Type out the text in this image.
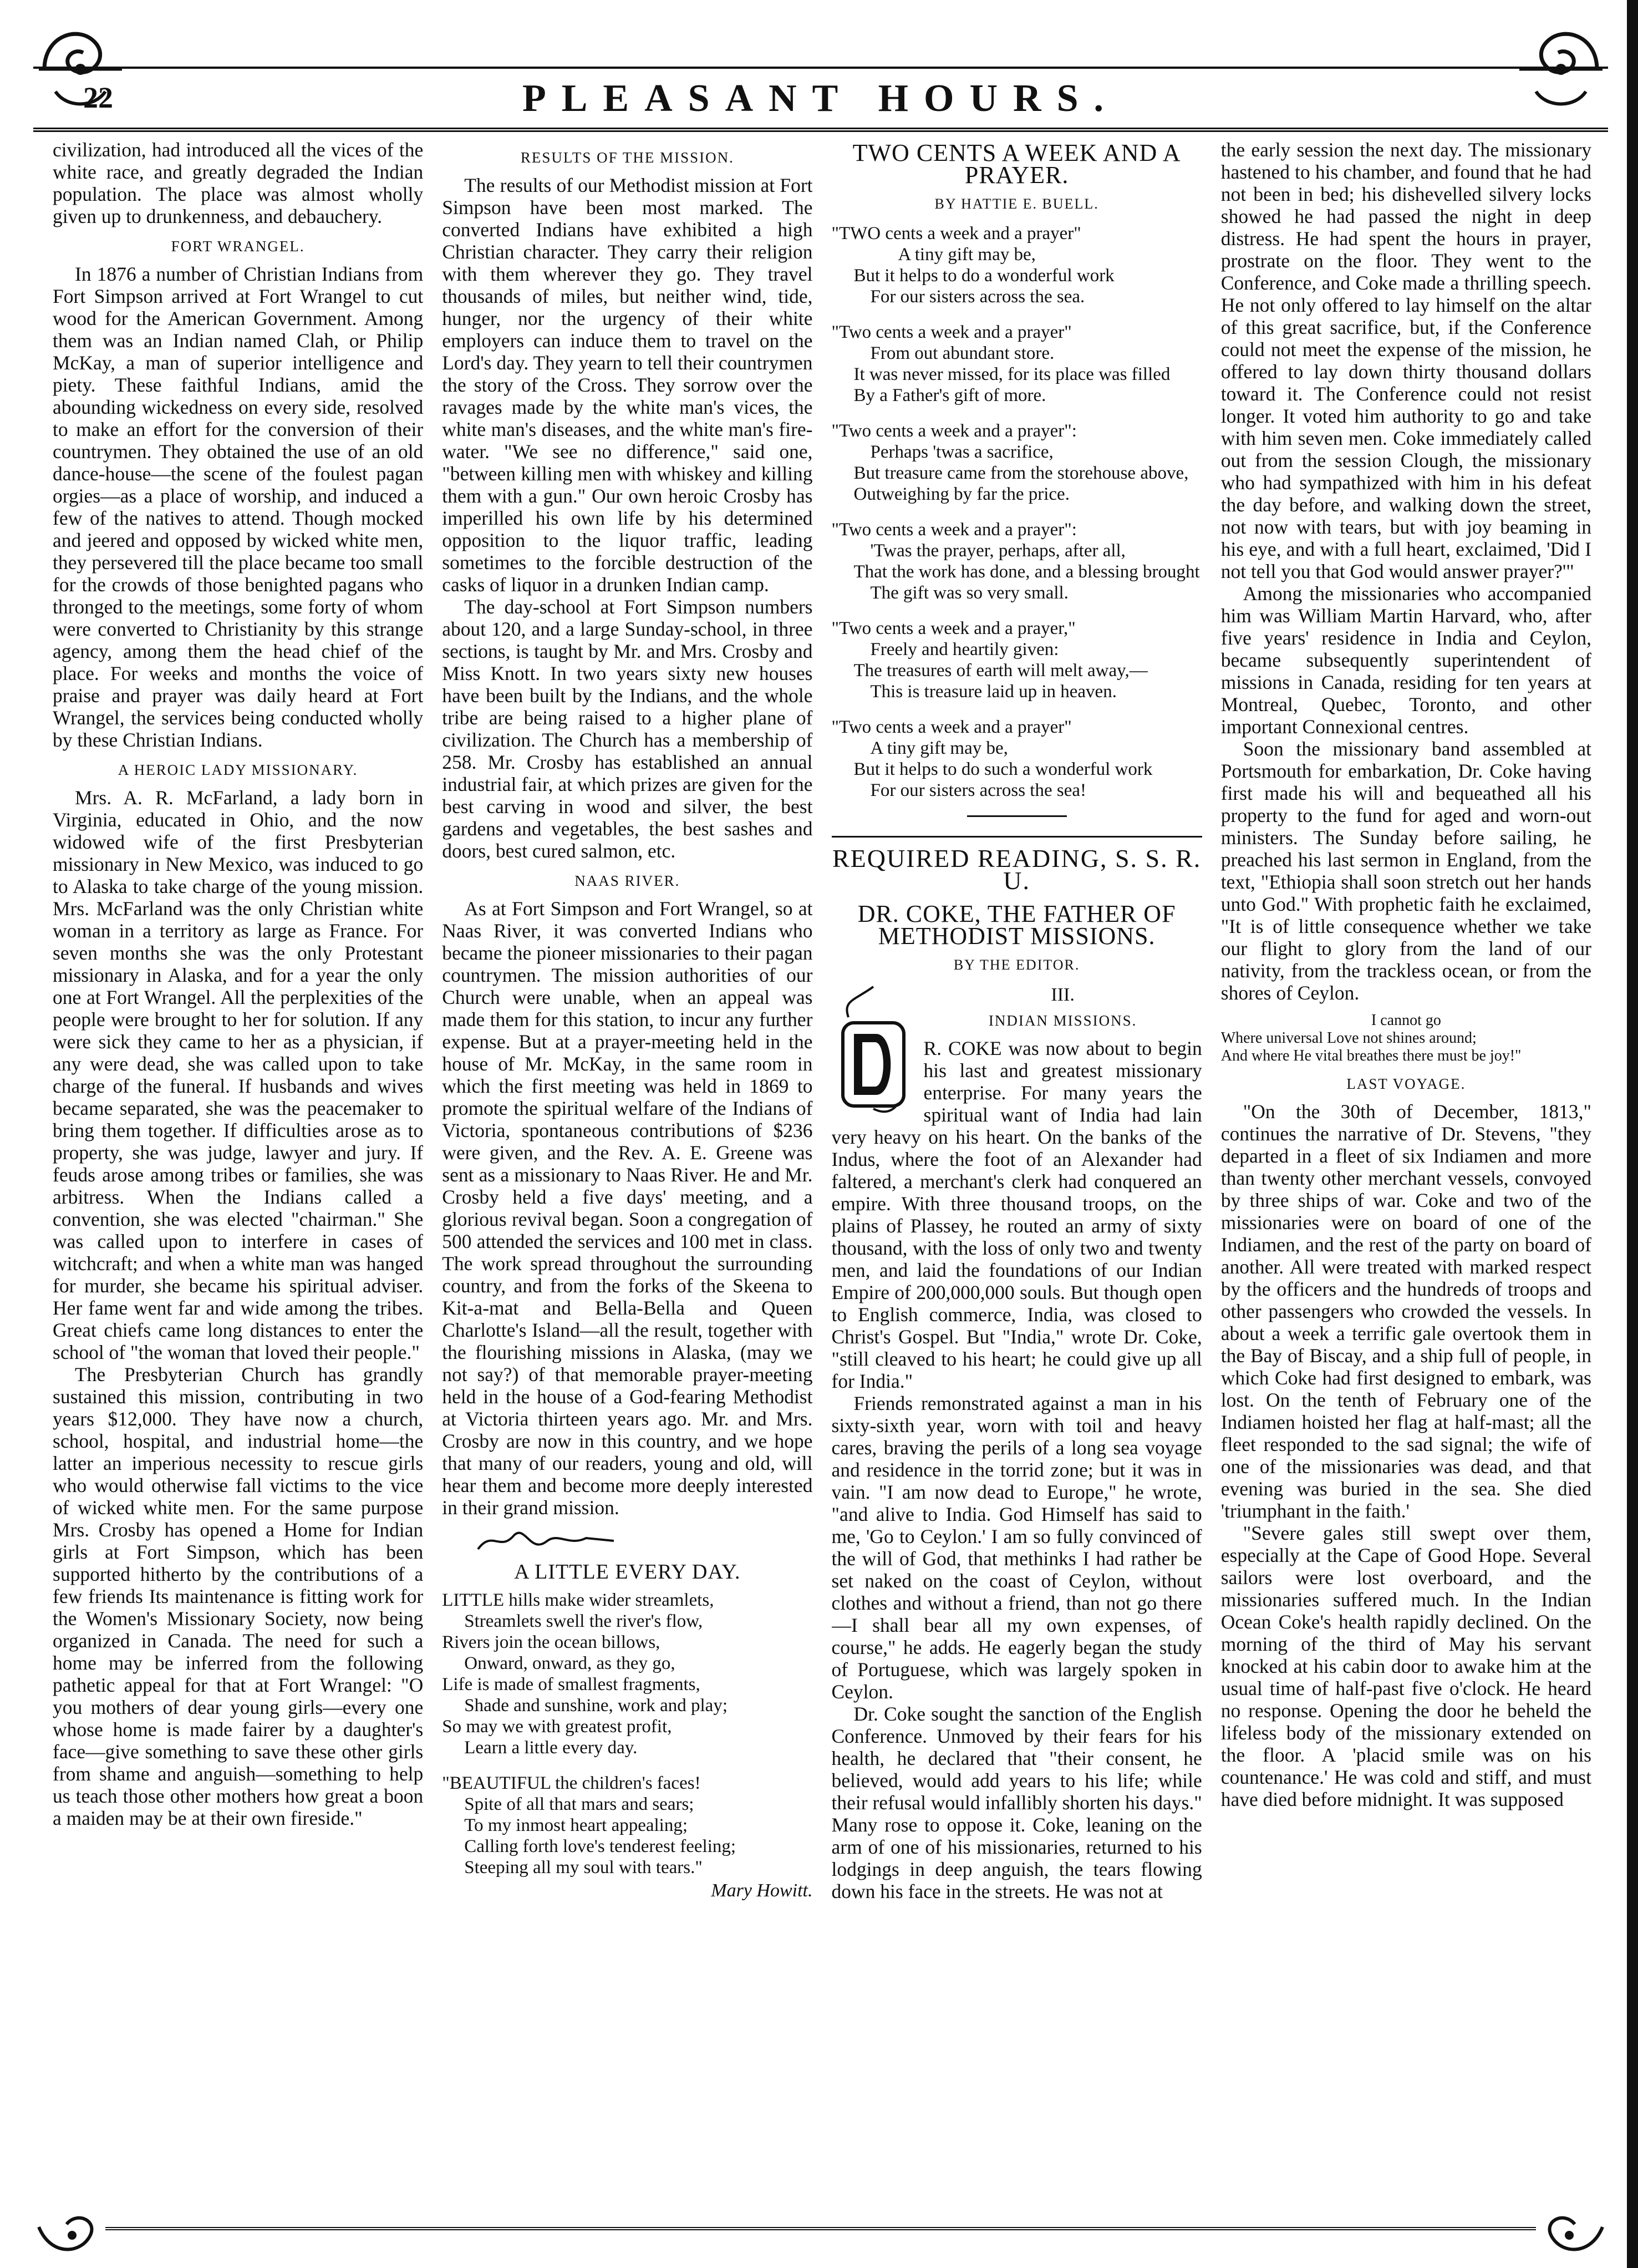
22	PLEASANT HOURS.

civilizati⁠on, had introduced all the vices of the white race, and greatly degraded the Indian population. The place was almost wholly given up to drunkenness, and debauchery.

FORT WRANGEL.

In 1876 a number of Christian Indians from Fort Simpson arrived at Fort Wrangel to cut wood for the American Government. Among them was an Indian named Clah, or Philip McKay, a man of superior intelligence and piety. These faithful Indians, amid the abounding wickedness on every side, resolved to make an effort for the conversion of their countrymen. They obtained the use of an old dance-house—the scene of the foulest pagan orgies—as a place of worship, and induced a few of the natives to attend. Though mocked and jeered and opposed by wicked white men, they persevered till the place became too small for the crowds of those benighted pagans who thronged to the meetings, some forty of whom were converted to Christianity by this strange agency, among them the head chief of the place. For weeks and months the voice of praise and prayer was daily heard at Fort Wrangel, the services being conducted wholly by these Christian Indians.

A HEROIC LADY MISSIONARY.

Mrs. A. R. McFarland, a lady born in Virginia, educated in Ohio, and the now widowed wife of the first Presbyterian missionary in New Mexico, was induced to go to Alaska to take charge of the young mission. Mrs. McFarland was the only Christian white woman in a territory as large as France. For seven months she was the only Protestant missionary in Alaska, and for a year the only one at Fort Wrangel. All the perplexities of the people were brought to her for solution. If any were sick they came to her as a physician, if any were dead, she was called upon to take charge of the funeral. If husbands and wives became separated, she was the peacemaker to bring them together. If difficulties arose as to property, she was judge, lawyer and jury. If feuds arose among tribes or families, she was arbitress. When the Indians called a convention, she was elected "chairman." She was called upon to interfere in cases of witchcraft; and when a white man was hanged for murder, she became his spiritual adviser. Her fame went far and wide among the tribes. Great chiefs came long distances to enter the school of "the woman that loved their people."

The Presbyterian Church has grandly sustained this mission, contributing in two years $12,000. They have now a church, school, hospital, and industrial home—the latter an imperious necessity to rescue girls who would otherwise fall victims to the vice of wicked white men. For the same purpose Mrs. Crosby has opened a Home for Indian girls at Fort Simpson, which has been supported hitherto by the contributions of a few friends Its maintenance is fitting work for the Women's Missionary Society, now being organized in Canada. The need for such a home may be inferred from the following pathetic appeal for that at Fort Wrangel: "O you mothers of dear young girls—every one whose home is made fairer by a daughter's face—give something to save these other girls from shame and anguish—something to help us teach those other mothers how great a boon a maiden may be at their own fireside."

RESULTS OF THE MISSION.

The results of our Methodist mission at Fort Simpson have been most marked. The converted Indians have exhibited a high Christian character. They carry their religion with them wherever they go. They travel thousands of miles, but neither wind, tide, hunger, nor the urgency of their white employers can induce them to travel on the Lord's day. They yearn to tell their countrymen the story of the Cross. They sorrow over the ravages made by the white man's vices, the white man's diseases, and the white man's fire-water. "We see no difference," said one, "between killing men with whiskey and killing them with a gun." Our own heroic Crosby has imperilled his own life by his determined opposition to the liquor traffic, leading sometimes to the forcible destruction of the casks of liquor in a drunken Indian camp.

The day-school at Fort Simpson numbers about 120, and a large Sunday-school, in three sections, is taught by Mr. and Mrs. Crosby and Miss Knott. In two years sixty new houses have been built by the Indians, and the whole tribe are being raised to a higher plane of civilization. The Church has a membership of 258. Mr. Crosby has established an annual industrial fair, at which prizes are given for the best carving in wood and silver, the best gardens and vegetables, the best sashes and doors, best cured salmon, etc.

NAAS RIVER.

As at Fort Simpson and Fort Wrangel, so at Naas River, it was converted Indians who became the pioneer missionaries to their pagan countrymen. The mission authorities of our Church were unable, when an appeal was made them for this station, to incur any further expense. But at a prayer-meeting held in the house of Mr. McKay, in the same room in which the first meeting was held in 1869 to promote the spiritual welfare of the Indians of Victoria, spontaneous contributions of $236 were given, and the Rev. A. E. Greene was sent as a missionary to Naas River. He and Mr. Crosby held a five days' meeting, and a glorious revival began. Soon a congregation of 500 attended the services and 100 met in class. The work spread throughout the surrounding country, and from the forks of the Skeena to Kit-a-mat and Bella-Bella and Queen Charlotte's Island—all the result, together with the flourishing missions in Alaska, (may we not say?) of that memorable prayer-meeting held in the house of a God-fearing Methodist at Victoria thirteen years ago. Mr. and Mrs. Crosby are now in this country, and we hope that many of our readers, young and old, will hear them and become more deeply interested in their grand mission.

A LITTLE EVERY DAY.
LITTLE hills make wider streamlets,
Streamlets swell the river's flow,
Rivers join the ocean billows,
Onward, onward, as they go,
Life is made of smallest fragments,
Shade and sunshine, work and play;
So may we with greatest profit,
Learn a little every day.
"BEAUTIFUL the children's faces!
Spite of all that mars and sears;
To my inmost heart appealing;
Calling forth love's tenderest feeling;
Steeping all my soul with tears."
Mary Howitt.
TWO CENTS A WEEK AND A PRAYER.
BY HATTIE E. BUELL.
"TWO cents a week and a prayer"
A tiny gift may be,
But it helps to do a wonderful work
For our sisters across the sea.
"Two cents a week and a prayer"
From out abundant store.
It was never missed, for its place was filled
By a Father's gift of more.
"Two cents a week and a prayer":
Perhaps 'twas a sacrifice,
But treasure came from the storehouse above,
Outweighing by far the price.
"Two cents a week and a prayer":
'Twas the prayer, perhaps, after all,
That the work has done, and a blessing brought
The gift was so very small.
"Two cents a week and a prayer,"
Freely and heartily given:
The treasures of earth will melt away,—
This is treasure laid up in heaven.
"Two cents a week and a prayer"
A tiny gift may be,
But it helps to do such a wonderful work
For our sisters across the sea!
REQUIRED READING, S. S. R. U.
DR. COKE, THE FATHER OF METHODIST MISSIONS.
BY THE EDITOR.
III.
INDIAN MISSIONS.

R. COKE was now about to begin his last and greatest missionary enterprise. For many years the spiritual want of India had lain very heavy on his heart. On the banks of the Indus, where the foot of an Alexander had faltered, a merchant's clerk had conquered an empire. With three thousand troops, on the plains of Plassey, he routed an army of sixty thousand, with the loss of only two and twenty men, and laid the foundations of our Indian Empire of 200,000,000 souls. But though open to English commerce, India, was closed to Christ's Gospel. But "India," wrote Dr. Coke, "still cleaved to his heart; he could give up all for India."

Friends remonstrated against a man in his sixty-sixth year, worn with toil and heavy cares, braving the perils of a long sea voyage and residence in the torrid zone; but it was in vain. "I am now dead to Europe," he wrote, "and alive to India. God Himself has said to me, 'Go to Ceylon.' I am so fully convinced of the will of God, that methinks I had rather be set naked on the coast of Ceylon, without clothes and without a friend, than not go there—I shall bear all my own expenses, of course," he adds. He eagerly began the study of Portuguese, which was largely spoken in Ceylon.

Dr. Coke sought the sanction of the English Conference. Unmoved by their fears for his health, he declared that "their consent, he believed, would add years to his life; while their refusal would infallibly shorten his days." Many rose to oppose it. Coke, leaning on the arm of one of his missionaries, returned to his lodgings in deep anguish, the tears flowing down his face in the streets. He was not at

the early session the next day. The missionary hastened to his chamber, and found that he had not been in bed; his dishevelled silvery locks showed he had passed the night in deep distress. He had spent the hours in prayer, prostrate on the floor. They went to the Conference, and Coke made a thrilling speech. He not only offered to lay himself on the altar of this great sacrifice, but, if the Conference could not meet the expense of the mission, he offered to lay down thirty thousand dollars toward it. The Conference could not resist longer. It voted him authority to go and take with him seven men. Coke immediately called out from the session Clough, the missionary who had sympathized with him in his defeat the day before, and walking down the street, not now with tears, but with joy beaming in his eye, and with a full heart, exclaimed, 'Did I not tell you that God would answer prayer?'"

Among the missionaries who accompanied him was William Martin Harvard, who, after five years' residence in India and Ceylon, became subsequently superintendent of missions in Canada, residing for ten years at Montreal, Quebec, Toronto, and other important Connexional centres.

Soon the missionary band assembled at Portsmouth for embarkation, Dr. Coke having first made his will and bequeathed all his property to the fund for aged and worn-out ministers. The Sunday before sailing, he preached his last sermon in England, from the text, "Ethiopia shall soon stretch out her hands unto God." With prophetic faith he exclaimed, "It is of little consequence whether we take our flight to glory from the land of our nativity, from the trackless ocean, or from the shores of Ceylon.

I cannot go
Where universal Love not shines around;
And where He vital breathes there must be joy!"
LAST VOYAGE.

"On the 30th of December, 1813," continues the narrative of Dr. Stevens, "they departed in a fleet of six Indiamen and more than twenty other merchant vessels, convoyed by three ships of war. Coke and two of the missionaries were on board of one of the Indiamen, and the rest of the party on board of another. All were treated with marked respect by the officers and the hundreds of troops and other passengers who crowded the vessels. In about a week a terrific gale overtook them in the Bay of Biscay, and a ship full of people, in which Coke had first designed to embark, was lost. On the tenth of February one of the Indiamen hoisted her flag at half-mast; all the fleet responded to the sad signal; the wife of one of the missionaries was dead, and that evening was buried in the sea. She died 'triumphant in the faith.'

"Severe gales still swept over them, especially at the Cape of Good Hope. Several sailors were lost overboard, and the missionaries suffered much. In the Indian Ocean Coke's health rapidly declined. On the morning of the third of May his servant knocked at his cabin door to awake him at the usual time of half-past five o'clock. He heard no response. Opening the door he beheld the lifeless body of the missionary extended on the floor. A 'placid smile was on his countenance.' He was cold and stiff, and must have died before midnight. It was supposed
